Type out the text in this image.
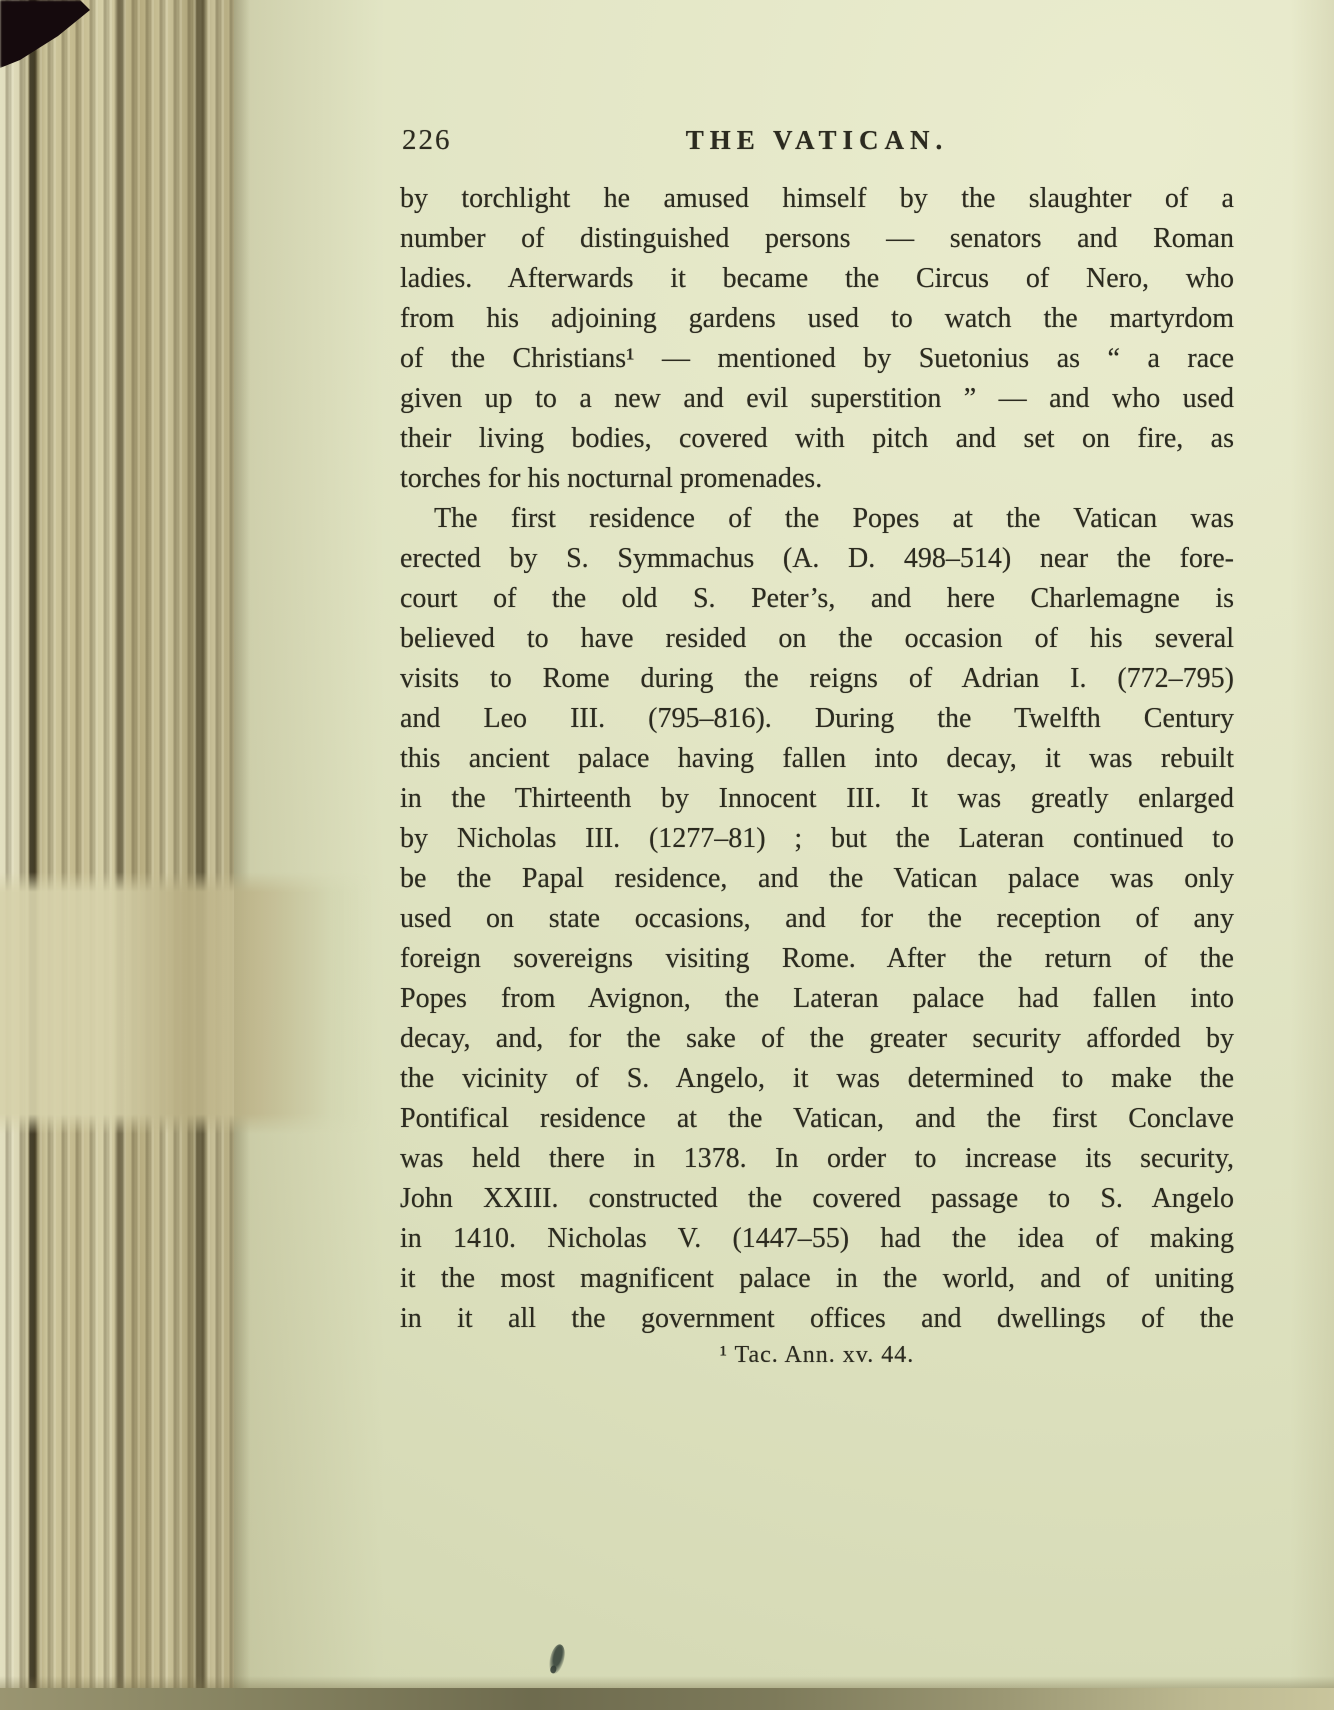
226	THE VATICAN.
by torchlight he amused himself by the slaughter of a
number of distinguished persons — senators and Roman
ladies. Afterwards it became the Circus of Nero, who
from his adjoining gardens used to watch the martyrdom
of the Christians¹ — mentioned by Suetonius as “ a race
given up to a new and evil superstition ” — and who used
their living bodies, covered with pitch and set on fire, as
torches for his nocturnal promenades.
The first residence of the Popes at the Vatican was
erected by S. Symmachus (A. D. 498–514) near the fore-
court of the old S. Peter’s, and here Charlemagne is
believed to have resided on the occasion of his several
visits to Rome during the reigns of Adrian I. (772–795)
and Leo III. (795–816). During the Twelfth Century
this ancient palace having fallen into decay, it was rebuilt
in the Thirteenth by Innocent III. It was greatly enlarged
by Nicholas III. (1277–81) ; but the Lateran continued to
be the Papal residence, and the Vatican palace was only
used on state occasions, and for the reception of any
foreign sovereigns visiting Rome. After the return of the
Popes from Avignon, the Lateran palace had fallen into
decay, and, for the sake of the greater security afforded by
the vicinity of S. Angelo, it was determined to make the
Pontifical residence at the Vatican, and the first Conclave
was held there in 1378. In order to increase its security,
John XXIII. constructed the covered passage to S. Angelo
in 1410. Nicholas V. (1447–55) had the idea of making
it the most magnificent palace in the world, and of uniting
in it all the government offices and dwellings of the
¹ Tac. Ann. xv. 44.
